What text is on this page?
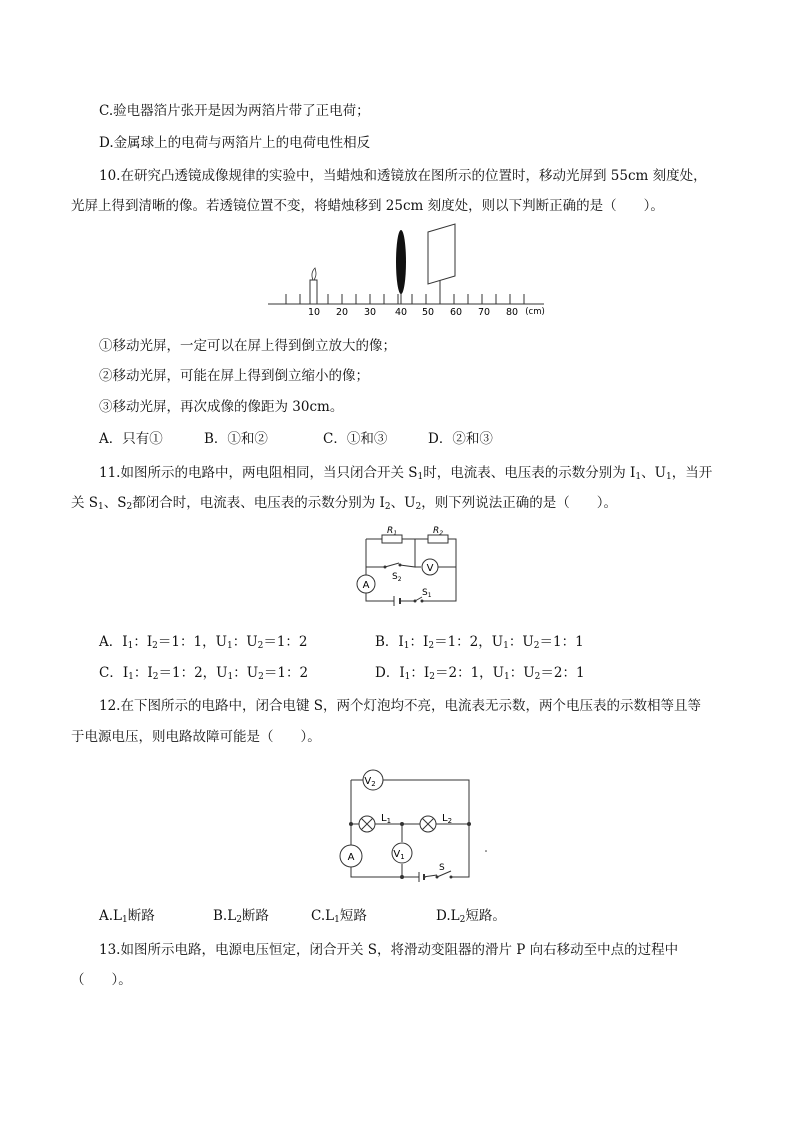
C.验电器箔片张开是因为两箔片带了正电荷；
D.金属球上的电荷与两箔片上的电荷电性相反
10.在研究凸透镜成像规律的实验中，当蜡烛和透镜放在图所示的位置时，移动光屏到 55cm 刻度处，
光屏上得到清晰的像。若透镜位置不变，将蜡烛移到 25cm 刻度处，则以下判断正确的是（　　）。
10 20 30 40 50 60 70 80 (cm)
①移动光屏，一定可以在屏上得到倒立放大的像；
②移动光屏，可能在屏上得到倒立缩小的像；
③移动光屏，再次成像的像距为 30cm。
A．只有①	B．①和②	C．①和③	D．②和③
11.如图所示的电路中，两电阻相同，当只闭合开关 $S_1$时，电流表、电压表的示数分别为 $I_1$、$U_1$，当开
关 $S_1$、$S_2$都闭合时，电流表、电压表的示数分别为 $I_2$、$U_2$，则下列说法正确的是（　　）。
A
V
$R_1$	$R_2$
$S_2$
$S_1$
A．$I_1$：$I_2=1$：1，$U_1$：$U_2=1$：2	B．$I_1$：$I_2=1$：2，$U_1$：$U_2=1$：1
C．$I_1$：$I_2=1$：2，$U_1$：$U_2=1$：2	D．$I_1$：$I_2=2$：1，$U_1$：$U_2=2$：1
12.在下图所示的电路中，闭合电键 S，两个灯泡均不亮，电流表无示数，两个电压表的示数相等且等
于电源电压，则电路故障可能是（　　）。
$V_2$
A	$V_1$
$L_1$	$L_2$
S
$A.L_1$断路	$B.L_2$断路	$C.L_1$短路	$D.L_2$短路。
13.如图所示电路，电源电压恒定，闭合开关 S，将滑动变阻器的滑片 P 向右移动至中点的过程中
（　　）。
